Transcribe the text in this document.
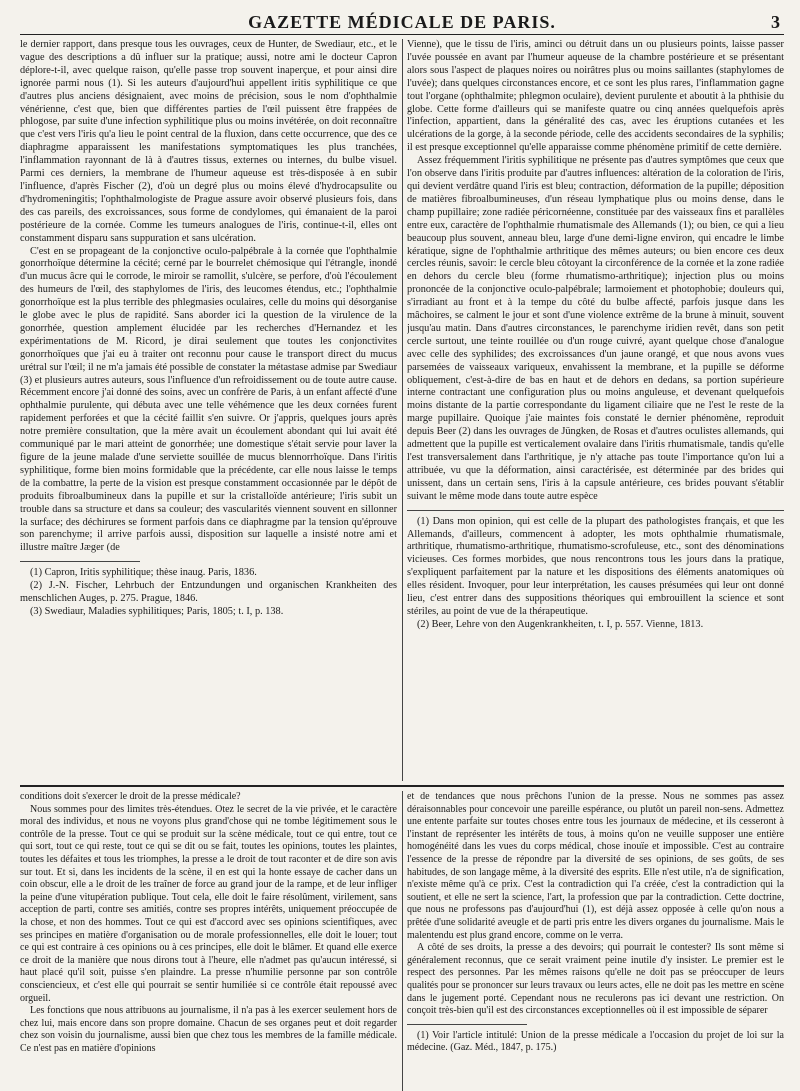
GAZETTE MÉDICALE DE PARIS.	3

le dernier rapport, dans presque tous les ouvrages, ceux de Hunter, de Swediaur, etc., et le vague des descriptions a dû influer sur la pratique; aussi, notre ami le docteur Capron déplore-t-il, avec quelque raison, qu'elle passe trop souvent inaperçue, et pour ainsi dire ignorée parmi nous (1). Si les auteurs d'aujourd'hui appellent iritis syphilitique ce que d'autres plus anciens désignaient, avec moins de précision, sous le nom d'ophthalmie vénérienne, c'est que, bien que différentes parties de l'œil puissent être frappées de phlogose, par suite d'une infection syphilitique plus ou moins invétérée, on doit reconnaître que c'est vers l'iris qu'a lieu le point central de la fluxion, dans cette occurrence, que des ce diaphragme apparaissent les manifestations symptomatiques les plus tranchées, l'inflammation rayonnant de là à d'autres tissus, externes ou internes, du bulbe visuel. Parmi ces derniers, la membrane de l'humeur aqueuse est très-disposée à en subir l'influence, d'après Fischer (2), d'où un degré plus ou moins élevé d'hydrocapsulite ou d'hydromeningitis; l'ophthalmologiste de Prague assure avoir observé plusieurs fois, dans des cas pareils, des excroissances, sous forme de condylomes, qui émanaient de la paroi postérieure de la cornée. Comme les tumeurs analogues de l'iris, continue-t-il, elles ont constamment disparu sans suppuration et sans ulcération.

C'est en se propageant de la conjonctive oculo-palpébrale à la cornée que l'ophthalmie gonorrhoïque détermine la cécité; cerné par le bourrelet chémosique qui l'étrangle, inondé d'un mucus âcre qui le corrode, le miroir se ramollit, s'ulcère, se perfore, d'où l'écoulement des humeurs de l'œil, des staphylomes de l'iris, des leucomes étendus, etc.; l'ophthalmie gonorrhoïque est la plus terrible des phlegmasies oculaires, celle du moins qui désorganise le globe avec le plus de rapidité. Sans aborder ici la question de la virulence de la gonorrhée, question amplement élucidée par les recherches d'Hernandez et les expérimentations de M. Ricord, je dirai seulement que toutes les conjonctivites gonorrhoïques que j'ai eu à traiter ont reconnu pour cause le transport direct du mucus urétral sur l'œil; il ne m'a jamais été possible de constater la métastase admise par Swediaur (3) et plusieurs autres auteurs, sous l'influence d'un refroidissement ou de toute autre cause. Récemment encore j'ai donné des soins, avec un confrère de Paris, à un enfant affecté d'une ophthalmie purulente, qui débuta avec une telle véhémence que les deux cornées furent rapidement perforées et que la cécité faillit s'en suivre. Or j'appris, quelques jours après notre première consultation, que la mère avait un écoulement abondant qui lui avait été communiqué par le mari atteint de gonorrhée; une domestique s'était servie pour laver la figure de la jeune malade d'une serviette souillée de mucus blennorrhoïque. Dans l'iritis syphilitique, forme bien moins formidable que la précédente, car elle nous laisse le temps de la combattre, la perte de la vision est presque constamment occasionnée par le dépôt de produits fibroalbumineux dans la pupille et sur la cristalloïde antérieure; l'iris subit un trouble dans sa structure et dans sa couleur; des vascularités viennent souvent en sillonner la surface; des déchirures se forment parfois dans ce diaphragme par la tension qu'éprouve son parenchyme; il arrive parfois aussi, disposition sur laquelle a insisté notre ami et illustre maître Jæger (de

(1) Capron, Iritis syphilitique; thèse inaug. Paris, 1836.

(2) J.-N. Fischer, Lehrbuch der Entzundungen und organischen Krankheiten des menschlichen Auges, p. 275. Prague, 1846.

(3) Swediaur, Maladies syphilitiques; Paris, 1805; t. I, p. 138.

Vienne), que le tissu de l'iris, aminci ou détruit dans un ou plusieurs points, laisse passer l'uvée poussée en avant par l'humeur aqueuse de la chambre postérieure et se présentant alors sous l'aspect de plaques noires ou noirâtres plus ou moins saillantes (staphylomes de l'uvée); dans quelques circonstances encore, et ce sont les plus rares, l'inflammation gagne tout l'organe (ophthalmite; phlegmon oculaire), devient purulente et aboutit à la phthisie du globe. Cette forme d'ailleurs qui se manifeste quatre ou cinq années quelquefois après l'infection, appartient, dans la généralité des cas, avec les éruptions cutanées et les ulcérations de la gorge, à la seconde période, celle des accidents secondaires de la syphilis; il est presque exceptionnel qu'elle apparaisse comme phénomène primitif de cette dernière.

Assez fréquemment l'iritis syphilitique ne présente pas d'autres symptômes que ceux que l'on observe dans l'iritis produite par d'autres influences: altération de la coloration de l'iris, qui devient verdâtre quand l'iris est bleu; contraction, déformation de la pupille; déposition de matières fibroalbumineuses, d'un réseau lymphatique plus ou moins dense, dans le champ pupillaire; zone radiée péricornéenne, constituée par des vaisseaux fins et parallèles entre eux, caractère de l'ophthalmie rhumatismale des Allemands (1); ou bien, ce qui a lieu beaucoup plus souvent, anneau bleu, large d'une demi-ligne environ, qui encadre le limbe kératique, signe de l'ophthalmie arthritique des mêmes auteurs; ou bien encore ces deux cercles réunis, savoir: le cercle bleu côtoyant la circonférence de la cornée et la zone radiée en dehors du cercle bleu (forme rhumatismo-arthritique); injection plus ou moins prononcée de la conjonctive oculo-palpébrale; larmoiement et photophobie; douleurs qui, s'irradiant au front et à la tempe du côté du bulbe affecté, parfois jusque dans les mâchoires, se calment le jour et sont d'une violence extrême de la brune à minuit, souvent jusqu'au matin. Dans d'autres circonstances, le parenchyme iridien revêt, dans son petit cercle surtout, une teinte rouillée ou d'un rouge cuivré, ayant quelque chose d'analogue avec celle des syphilides; des excroissances d'un jaune orangé, et que nous avons vues parsemées de vaisseaux variqueux, envahissent la membrane, et la pupille se déforme obliquement, c'est-à-dire de bas en haut et de dehors en dedans, sa portion supérieure interne contractant une configuration plus ou moins anguleuse, et devenant quelquefois moins distante de la partie correspondante du ligament ciliaire que ne l'est le reste de la marge pupillaire. Quoique j'aie maintes fois constaté le dernier phénomène, reproduit depuis Beer (2) dans les ouvrages de Jüngken, de Rosas et d'autres oculistes allemands, qui admettent que la pupille est verticalement ovalaire dans l'iritis rhumatismale, tandis qu'elle l'est transversalement dans l'arthritique, je n'y attache pas toute l'importance qu'on lui a attribuée, vu que la déformation, ainsi caractérisée, est déterminée par des brides qui unissent, dans un certain sens, l'iris à la capsule antérieure, ces brides pouvant s'établir suivant le même mode dans toute autre espèce

(1) Dans mon opinion, qui est celle de la plupart des pathologistes français, et que les Allemands, d'ailleurs, commencent à adopter, les mots ophthalmie rhumatismale, arthritique, rhumatismo-arthritique, rhumatismo-scrofuleuse, etc., sont des dénominations vicieuses. Ces formes morbides, que nous rencontrons tous les jours dans la pratique, s'expliquent parfaitement par la nature et les dispositions des éléments anatomiques où elles résident. Invoquer, pour leur interprétation, les causes présumées qui leur ont donné lieu, c'est entrer dans des suppositions théoriques qui embrouillent la science et sont stériles, au point de vue de la thérapeutique.

(2) Beer, Lehre von den Augenkrankheiten, t. I, p. 557. Vienne, 1813.

conditions doit s'exercer le droit de la presse médicale?

Nous sommes pour des limites très-étendues. Otez le secret de la vie privée, et le caractère moral des individus, et nous ne voyons plus grand'chose qui ne tombe légitimement sous le contrôle de la presse. Tout ce qui se produit sur la scène médicale, tout ce qui entre, tout ce qui sort, tout ce qui reste, tout ce qui se dit ou se fait, toutes les opinions, toutes les plaintes, toutes les défaites et tous les triomphes, la presse a le droit de tout raconter et de dire son avis sur tout. Et si, dans les incidents de la scène, il en est qui la honte essaye de cacher dans un coin obscur, elle a le droit de les traîner de force au grand jour de la rampe, et de leur infliger la peine d'une vitupération publique. Tout cela, elle doit le faire résolûment, virilement, sans acception de parti, contre ses amitiés, contre ses propres intérêts, uniquement préoccupée de la chose, et non des hommes. Tout ce qui est d'accord avec ses opinions scientifiques, avec ses principes en matière d'organisation ou de morale professionnelles, elle doit le louer; tout ce qui est contraire à ces opinions ou à ces principes, elle doit le blâmer. Et quand elle exerce ce droit de la manière que nous dirons tout à l'heure, elle n'admet pas qu'aucun intéressé, si haut placé qu'il soit, puisse s'en plaindre. La presse n'humilie personne par son contrôle consciencieux, et c'est elle qui pourrait se sentir humiliée si ce contrôle était repoussé avec orgueil.

Les fonctions que nous attribuons au journalisme, il n'a pas à les exercer seulement hors de chez lui, mais encore dans son propre domaine. Chacun de ses organes peut et doit regarder chez son voisin du journalisme, aussi bien que chez tous les membres de la famille médicale. Ce n'est pas en matière d'opinions

et de tendances que nous prêchons l'union de la presse. Nous ne sommes pas assez déraisonnables pour concevoir une pareille espérance, ou plutôt un pareil non-sens. Admettez une entente parfaite sur toutes choses entre tous les journaux de médecine, et ils cesseront à l'instant de représenter les intérêts de tous, à moins qu'on ne veuille supposer une entière homogénéité dans les vues du corps médical, chose inouïe et impossible. C'est au contraire l'essence de la presse de répondre par la diversité de ses opinions, de ses goûts, de ses habitudes, de son langage même, à la diversité des esprits. Elle n'est utile, n'a de signification, n'existe même qu'à ce prix. C'est la contradiction qui l'a créée, c'est la contradiction qui la soutient, et elle ne sert la science, l'art, la profession que par la contradiction. Cette doctrine, que nous ne professons pas d'aujourd'hui (1), est déjà assez opposée à celle qu'on nous a prêtée d'une solidarité aveugle et de parti pris entre les divers organes du journalisme. Mais le malentendu est plus grand encore, comme on le verra.

A côté de ses droits, la presse a des devoirs; qui pourrait le contester? Ils sont même si généralement reconnus, que ce serait vraiment peine inutile d'y insister. Le premier est le respect des personnes. Par les mêmes raisons qu'elle ne doit pas se préoccuper de leurs qualités pour se prononcer sur leurs travaux ou leurs actes, elle ne doit pas les mettre en scène dans le jugement porté. Cependant nous ne reculerons pas ici devant une restriction. On conçoit très-bien qu'il est des circonstances exceptionnelles où il est impossible de séparer

(1) Voir l'article intitulé: Union de la presse médicale a l'occasion du projet de loi sur la médecine. (Gaz. Méd., 1847, p. 175.)
